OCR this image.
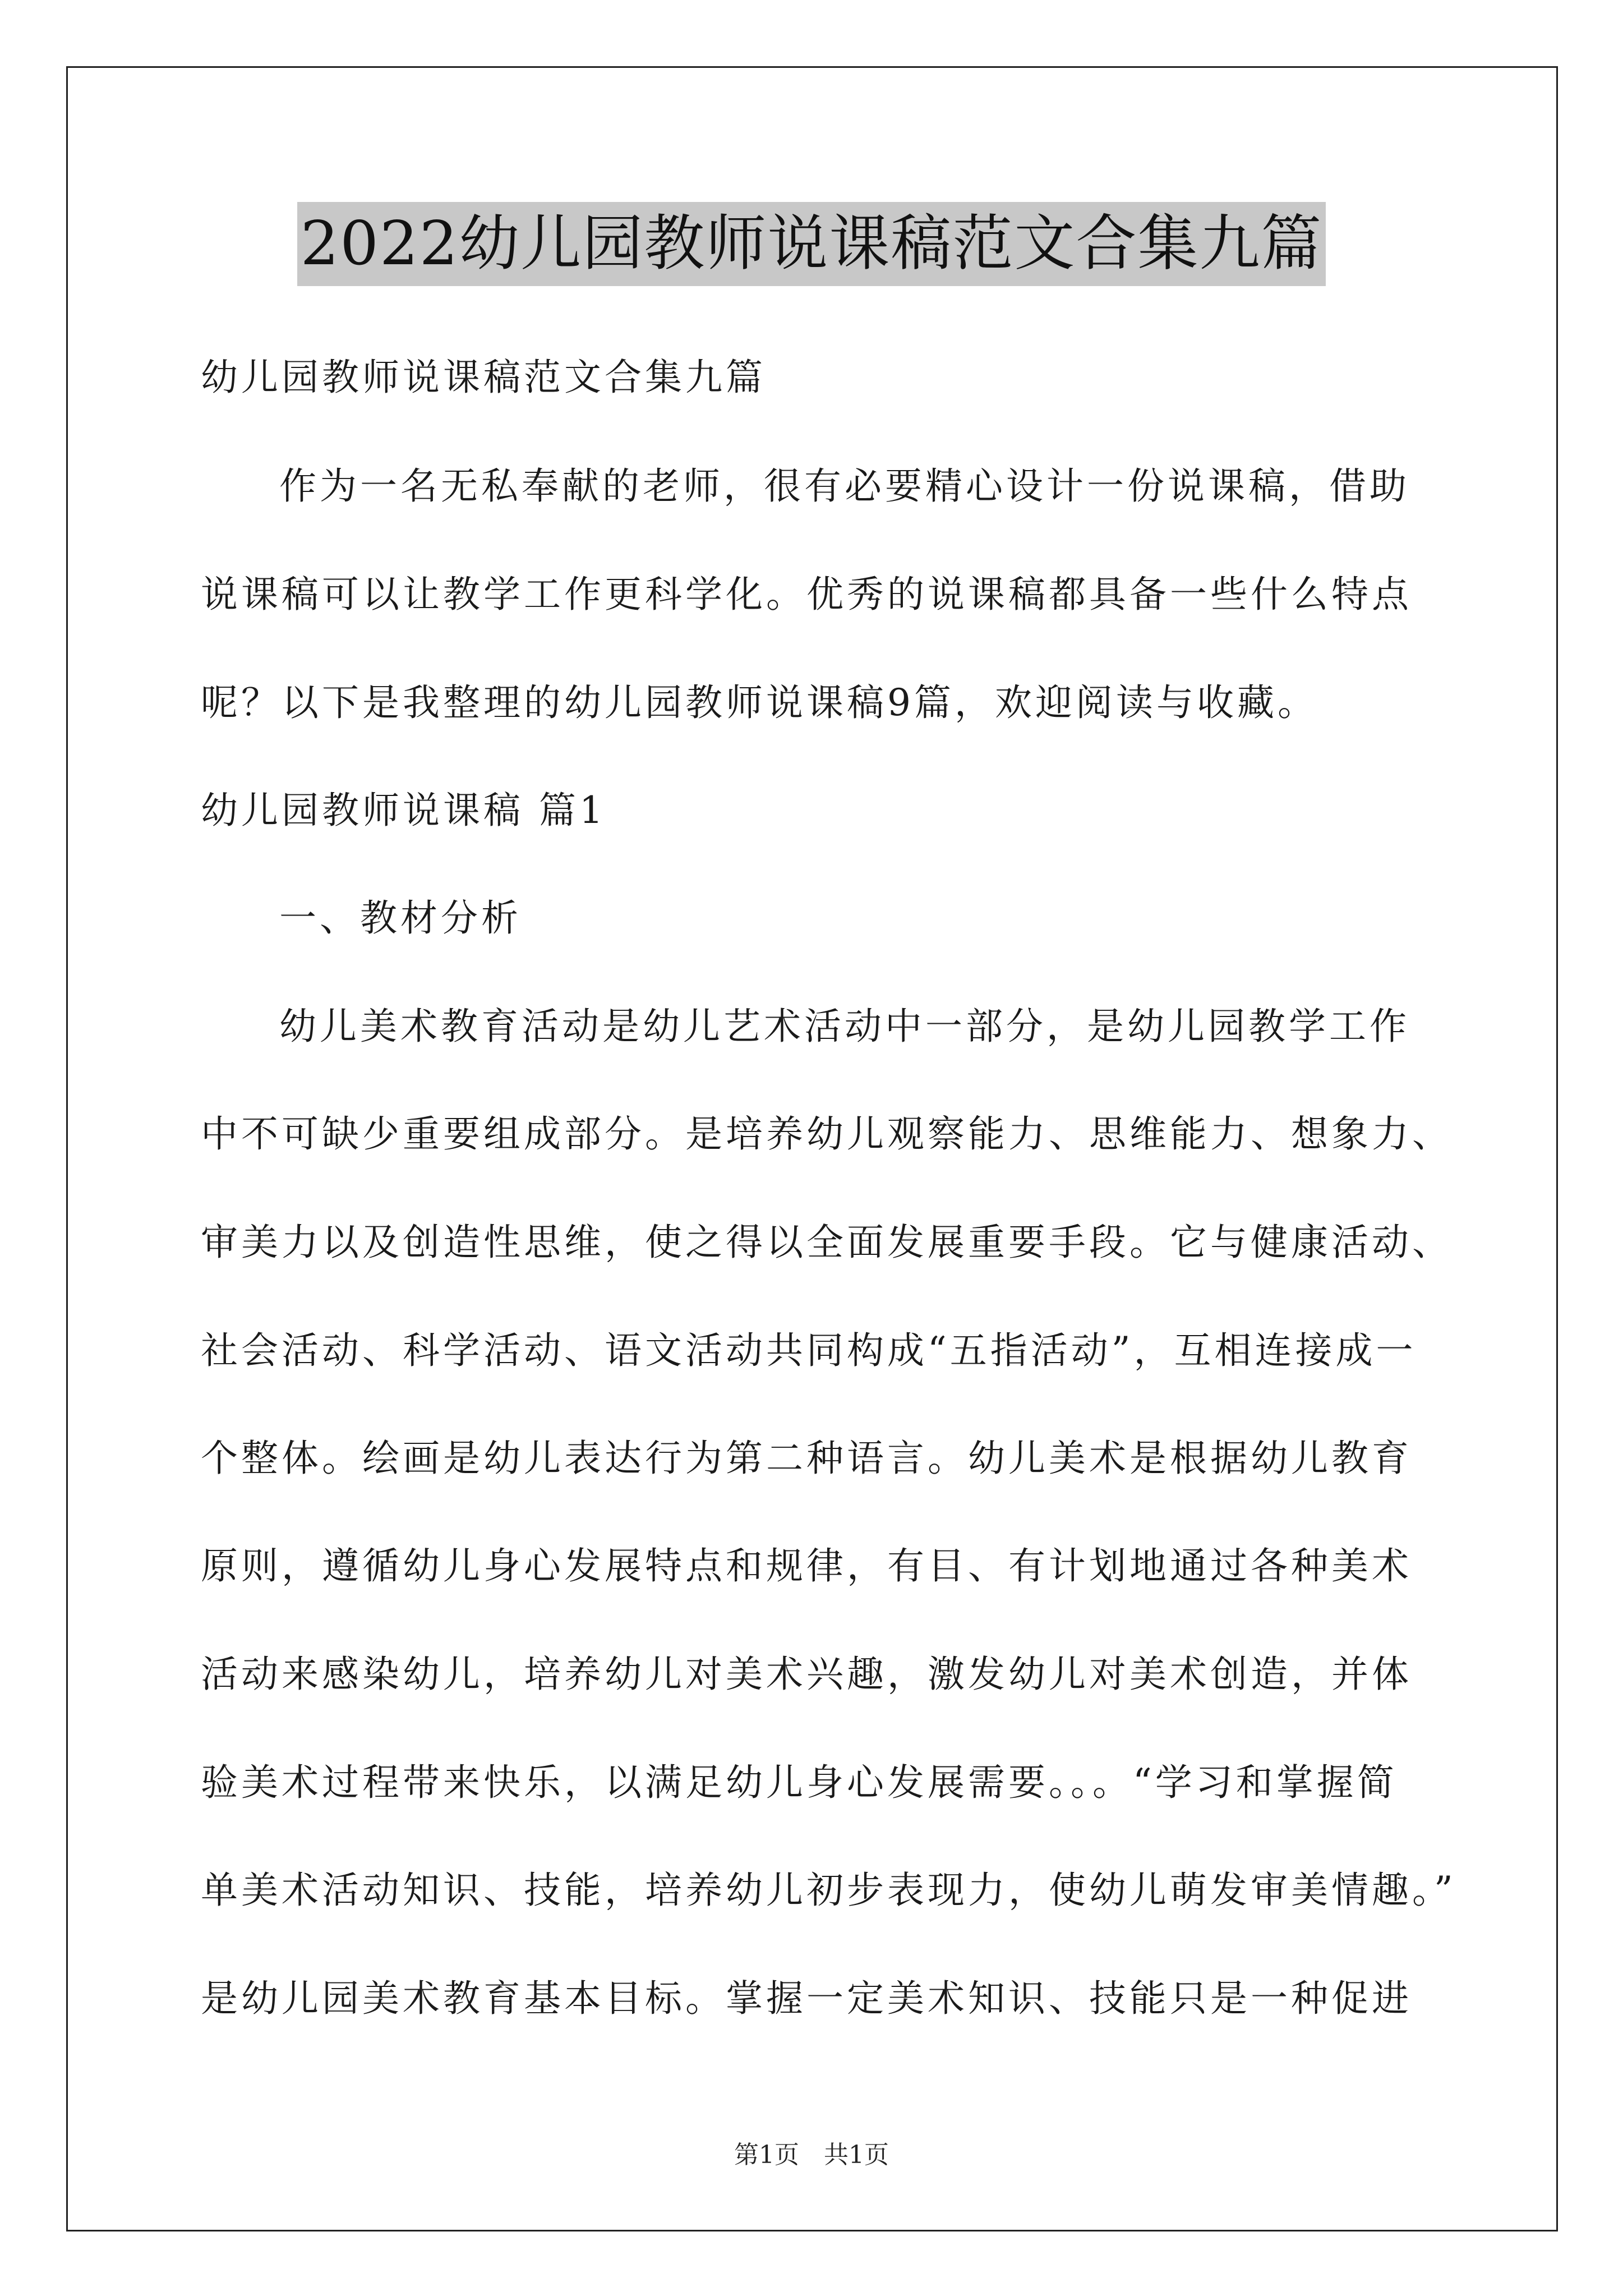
2022幼儿园教师说课稿范文合集九篇
幼儿园教师说课稿范文合集九篇
作为一名无私奉献的老师，很有必要精心设计一份说课稿，借助
说课稿可以让教学工作更科学化。优秀的说课稿都具备一些什么特点
呢？以下是我整理的幼儿园教师说课稿9篇，欢迎阅读与收藏。
幼儿园教师说课稿 篇1
一、教材分析
幼儿美术教育活动是幼儿艺术活动中一部分，是幼儿园教学工作
中不可缺少重要组成部分。是培养幼儿观察能力、思维能力、想象力、
审美力以及创造性思维，使之得以全面发展重要手段。它与健康活动、
社会活动、科学活动、语文活动共同构成“五指活动”，互相连接成一
个整体。绘画是幼儿表达行为第二种语言。幼儿美术是根据幼儿教育
原则，遵循幼儿身心发展特点和规律，有目、有计划地通过各种美术
活动来感染幼儿，培养幼儿对美术兴趣，激发幼儿对美术创造，并体
验美术过程带来快乐，以满足幼儿身心发展需要。。。“学习和掌握简
单美术活动知识、技能，培养幼儿初步表现力，使幼儿萌发审美情趣。”
是幼儿园美术教育基本目标。掌握一定美术知识、技能只是一种促进
第1页　共1页
